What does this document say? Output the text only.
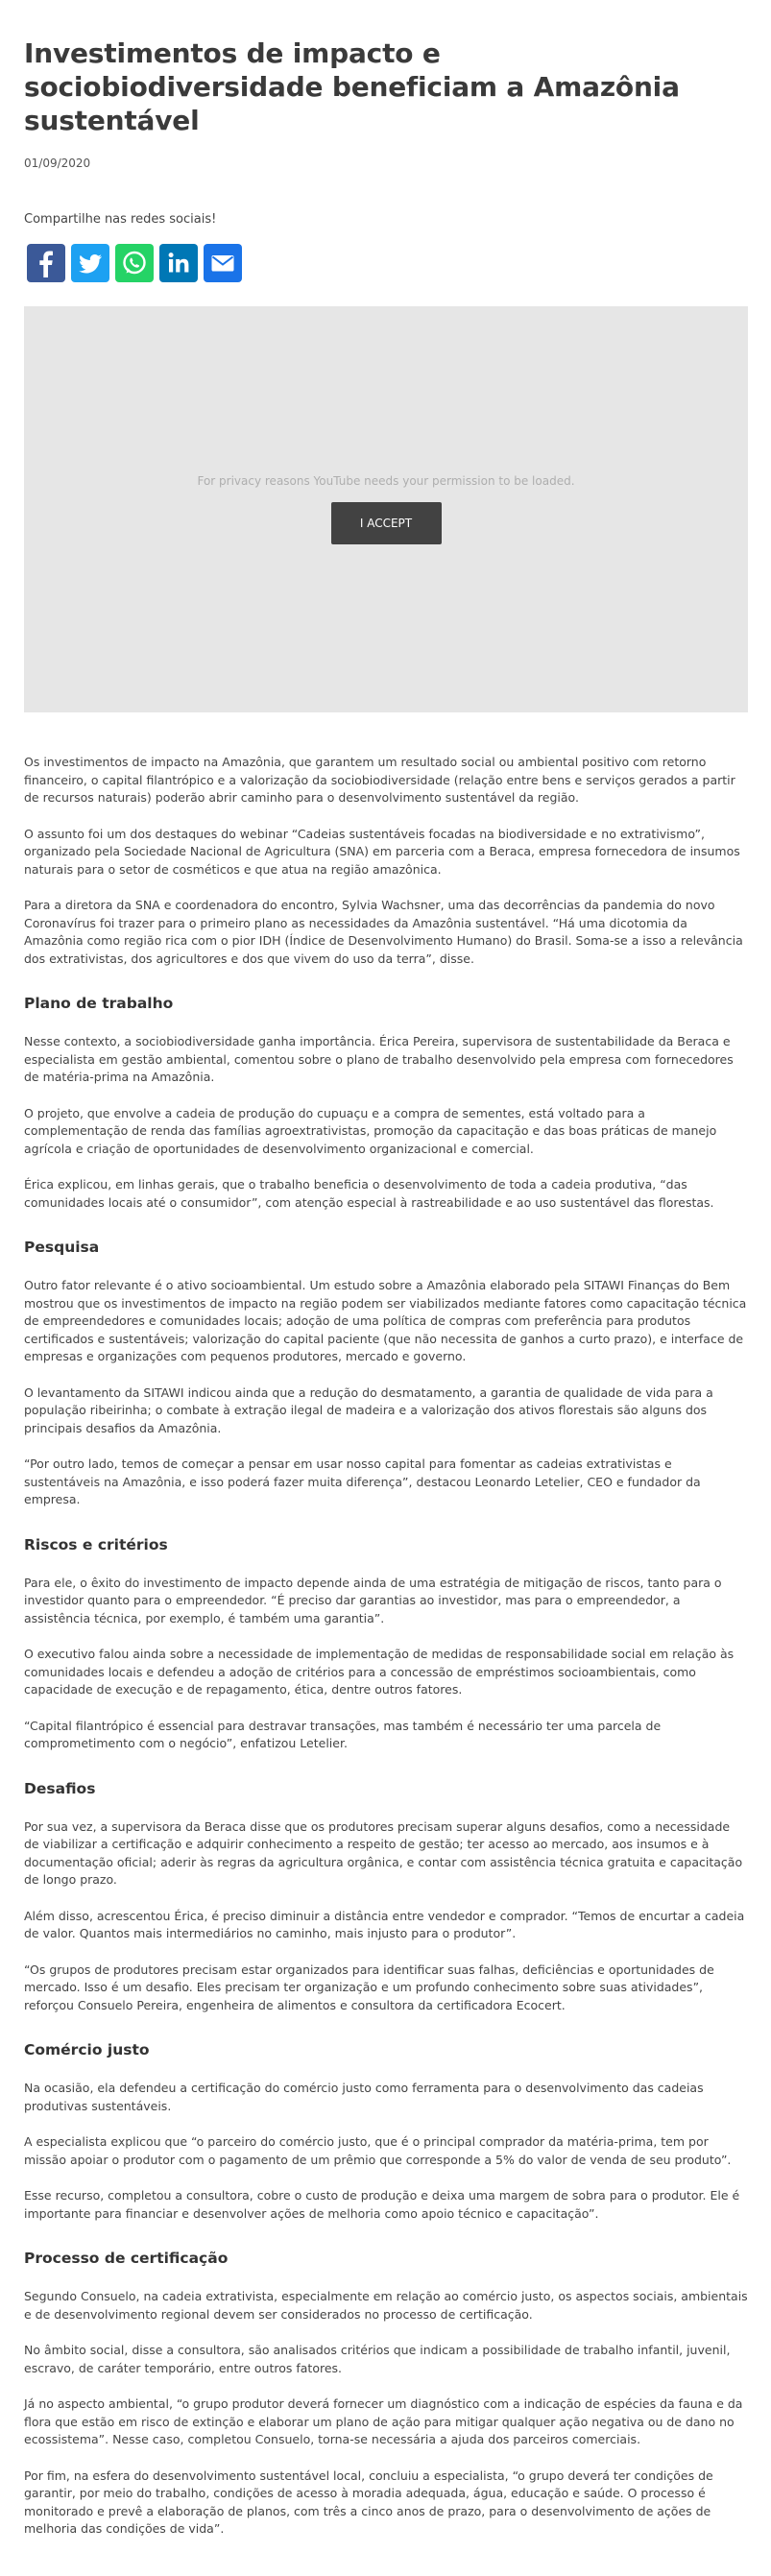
Investimentos de impacto e sociobiodiversidade beneficiam a Amazônia sustentável
01/09/2020
Compartilhe nas redes sociais!
For privacy reasons YouTube needs your permission to be loaded.
I ACCEPT

Os investimentos de impacto na Amazônia, que garantem um resultado social ou ambiental positivo com retorno financeiro, o capital filantrópico e a valorização da sociobiodiversidade (relação entre bens e serviços gerados a partir de recursos naturais) poderão abrir caminho para o desenvolvimento sustentável da região.

O assunto foi um dos destaques do webinar “Cadeias sustentáveis focadas na biodiversidade e no extrativismo”, organizado pela Sociedade Nacional de Agricultura (SNA) em parceria com a Beraca, empresa fornecedora de insumos naturais para o setor de cosméticos e que atua na região amazônica.

Para a diretora da SNA e coordenadora do encontro, Sylvia Wachsner, uma das decorrências da pandemia do novo Coronavírus foi trazer para o primeiro plano as necessidades da Amazônia sustentável. “Há uma dicotomia da Amazônia como região rica com o pior IDH (Índice de Desenvolvimento Humano) do Brasil. Soma-se a isso a relevância dos extrativistas, dos agricultores e dos que vivem do uso da terra”, disse.

Plano de trabalho

Nesse contexto, a sociobiodiversidade ganha importância. Érica Pereira, supervisora de sustentabilidade da Beraca e especialista em gestão ambiental, comentou sobre o plano de trabalho desenvolvido pela empresa com fornecedores de matéria-prima na Amazônia.

O projeto, que envolve a cadeia de produção do cupuaçu e a compra de sementes, está voltado para a complementação de renda das famílias agroextrativistas, promoção da capacitação e das boas práticas de manejo agrícola e criação de oportunidades de desenvolvimento organizacional e comercial.

Érica explicou, em linhas gerais, que o trabalho beneficia o desenvolvimento de toda a cadeia produtiva, “das comunidades locais até o consumidor”, com atenção especial à rastreabilidade e ao uso sustentável das florestas.

Pesquisa

Outro fator relevante é o ativo socioambiental. Um estudo sobre a Amazônia elaborado pela SITAWI Finanças do Bem mostrou que os investimentos de impacto na região podem ser viabilizados mediante fatores como capacitação técnica de empreendedores e comunidades locais; adoção de uma política de compras com preferência para produtos certificados e sustentáveis; valorização do capital paciente (que não necessita de ganhos a curto prazo), e interface de empresas e organizações com pequenos produtores, mercado e governo.

O levantamento da SITAWI indicou ainda que a redução do desmatamento, a garantia de qualidade de vida para a população ribeirinha; o combate à extração ilegal de madeira e a valorização dos ativos florestais são alguns dos principais desafios da Amazônia.

“Por outro lado, temos de começar a pensar em usar nosso capital para fomentar as cadeias extrativistas e sustentáveis na Amazônia, e isso poderá fazer muita diferença”, destacou Leonardo Letelier, CEO e fundador da empresa.

Riscos e critérios

Para ele, o êxito do investimento de impacto depende ainda de uma estratégia de mitigação de riscos, tanto para o investidor quanto para o empreendedor. “É preciso dar garantias ao investidor, mas para o empreendedor, a assistência técnica, por exemplo, é também uma garantia”.

O executivo falou ainda sobre a necessidade de implementação de medidas de responsabilidade social em relação às comunidades locais e defendeu a adoção de critérios para a concessão de empréstimos socioambientais, como capacidade de execução e de repagamento, ética, dentre outros fatores.

“Capital filantrópico é essencial para destravar transações, mas também é necessário ter uma parcela de comprometimento com o negócio”, enfatizou Letelier.

Desafios

Por sua vez, a supervisora da Beraca disse que os produtores precisam superar alguns desafios, como a necessidade de viabilizar a certificação e adquirir conhecimento a respeito de gestão; ter acesso ao mercado, aos insumos e à documentação oficial; aderir às regras da agricultura orgânica, e contar com assistência técnica gratuita e capacitação de longo prazo.

Além disso, acrescentou Érica, é preciso diminuir a distância entre vendedor e comprador. “Temos de encurtar a cadeia de valor. Quantos mais intermediários no caminho, mais injusto para o produtor”.

“Os grupos de produtores precisam estar organizados para identificar suas falhas, deficiências e oportunidades de mercado. Isso é um desafio. Eles precisam ter organização e um profundo conhecimento sobre suas atividades”, reforçou Consuelo Pereira, engenheira de alimentos e consultora da certificadora Ecocert.

Comércio justo

Na ocasião, ela defendeu a certificação do comércio justo como ferramenta para o desenvolvimento das cadeias produtivas sustentáveis.

A especialista explicou que “o parceiro do comércio justo, que é o principal comprador da matéria-prima, tem por missão apoiar o produtor com o pagamento de um prêmio que corresponde a 5% do valor de venda de seu produto”.

Esse recurso, completou a consultora, cobre o custo de produção e deixa uma margem de sobra para o produtor. Ele é importante para financiar e desenvolver ações de melhoria como apoio técnico e capacitação”.

Processo de certificação

Segundo Consuelo, na cadeia extrativista, especialmente em relação ao comércio justo, os aspectos sociais, ambientais e de desenvolvimento regional devem ser considerados no processo de certificação.

No âmbito social, disse a consultora, são analisados critérios que indicam a possibilidade de trabalho infantil, juvenil, escravo, de caráter temporário, entre outros fatores.

Já no aspecto ambiental, “o grupo produtor deverá fornecer um diagnóstico com a indicação de espécies da fauna e da flora que estão em risco de extinção e elaborar um plano de ação para mitigar qualquer ação negativa ou de dano no ecossistema”. Nesse caso, completou Consuelo, torna-se necessária a ajuda dos parceiros comerciais.

Por fim, na esfera do desenvolvimento sustentável local, concluiu a especialista, “o grupo deverá ter condições de garantir, por meio do trabalho, condições de acesso à moradia adequada, água, educação e saúde. O processo é monitorado e prevê a elaboração de planos, com três a cinco anos de prazo, para o desenvolvimento de ações de melhoria das condições de vida”.
